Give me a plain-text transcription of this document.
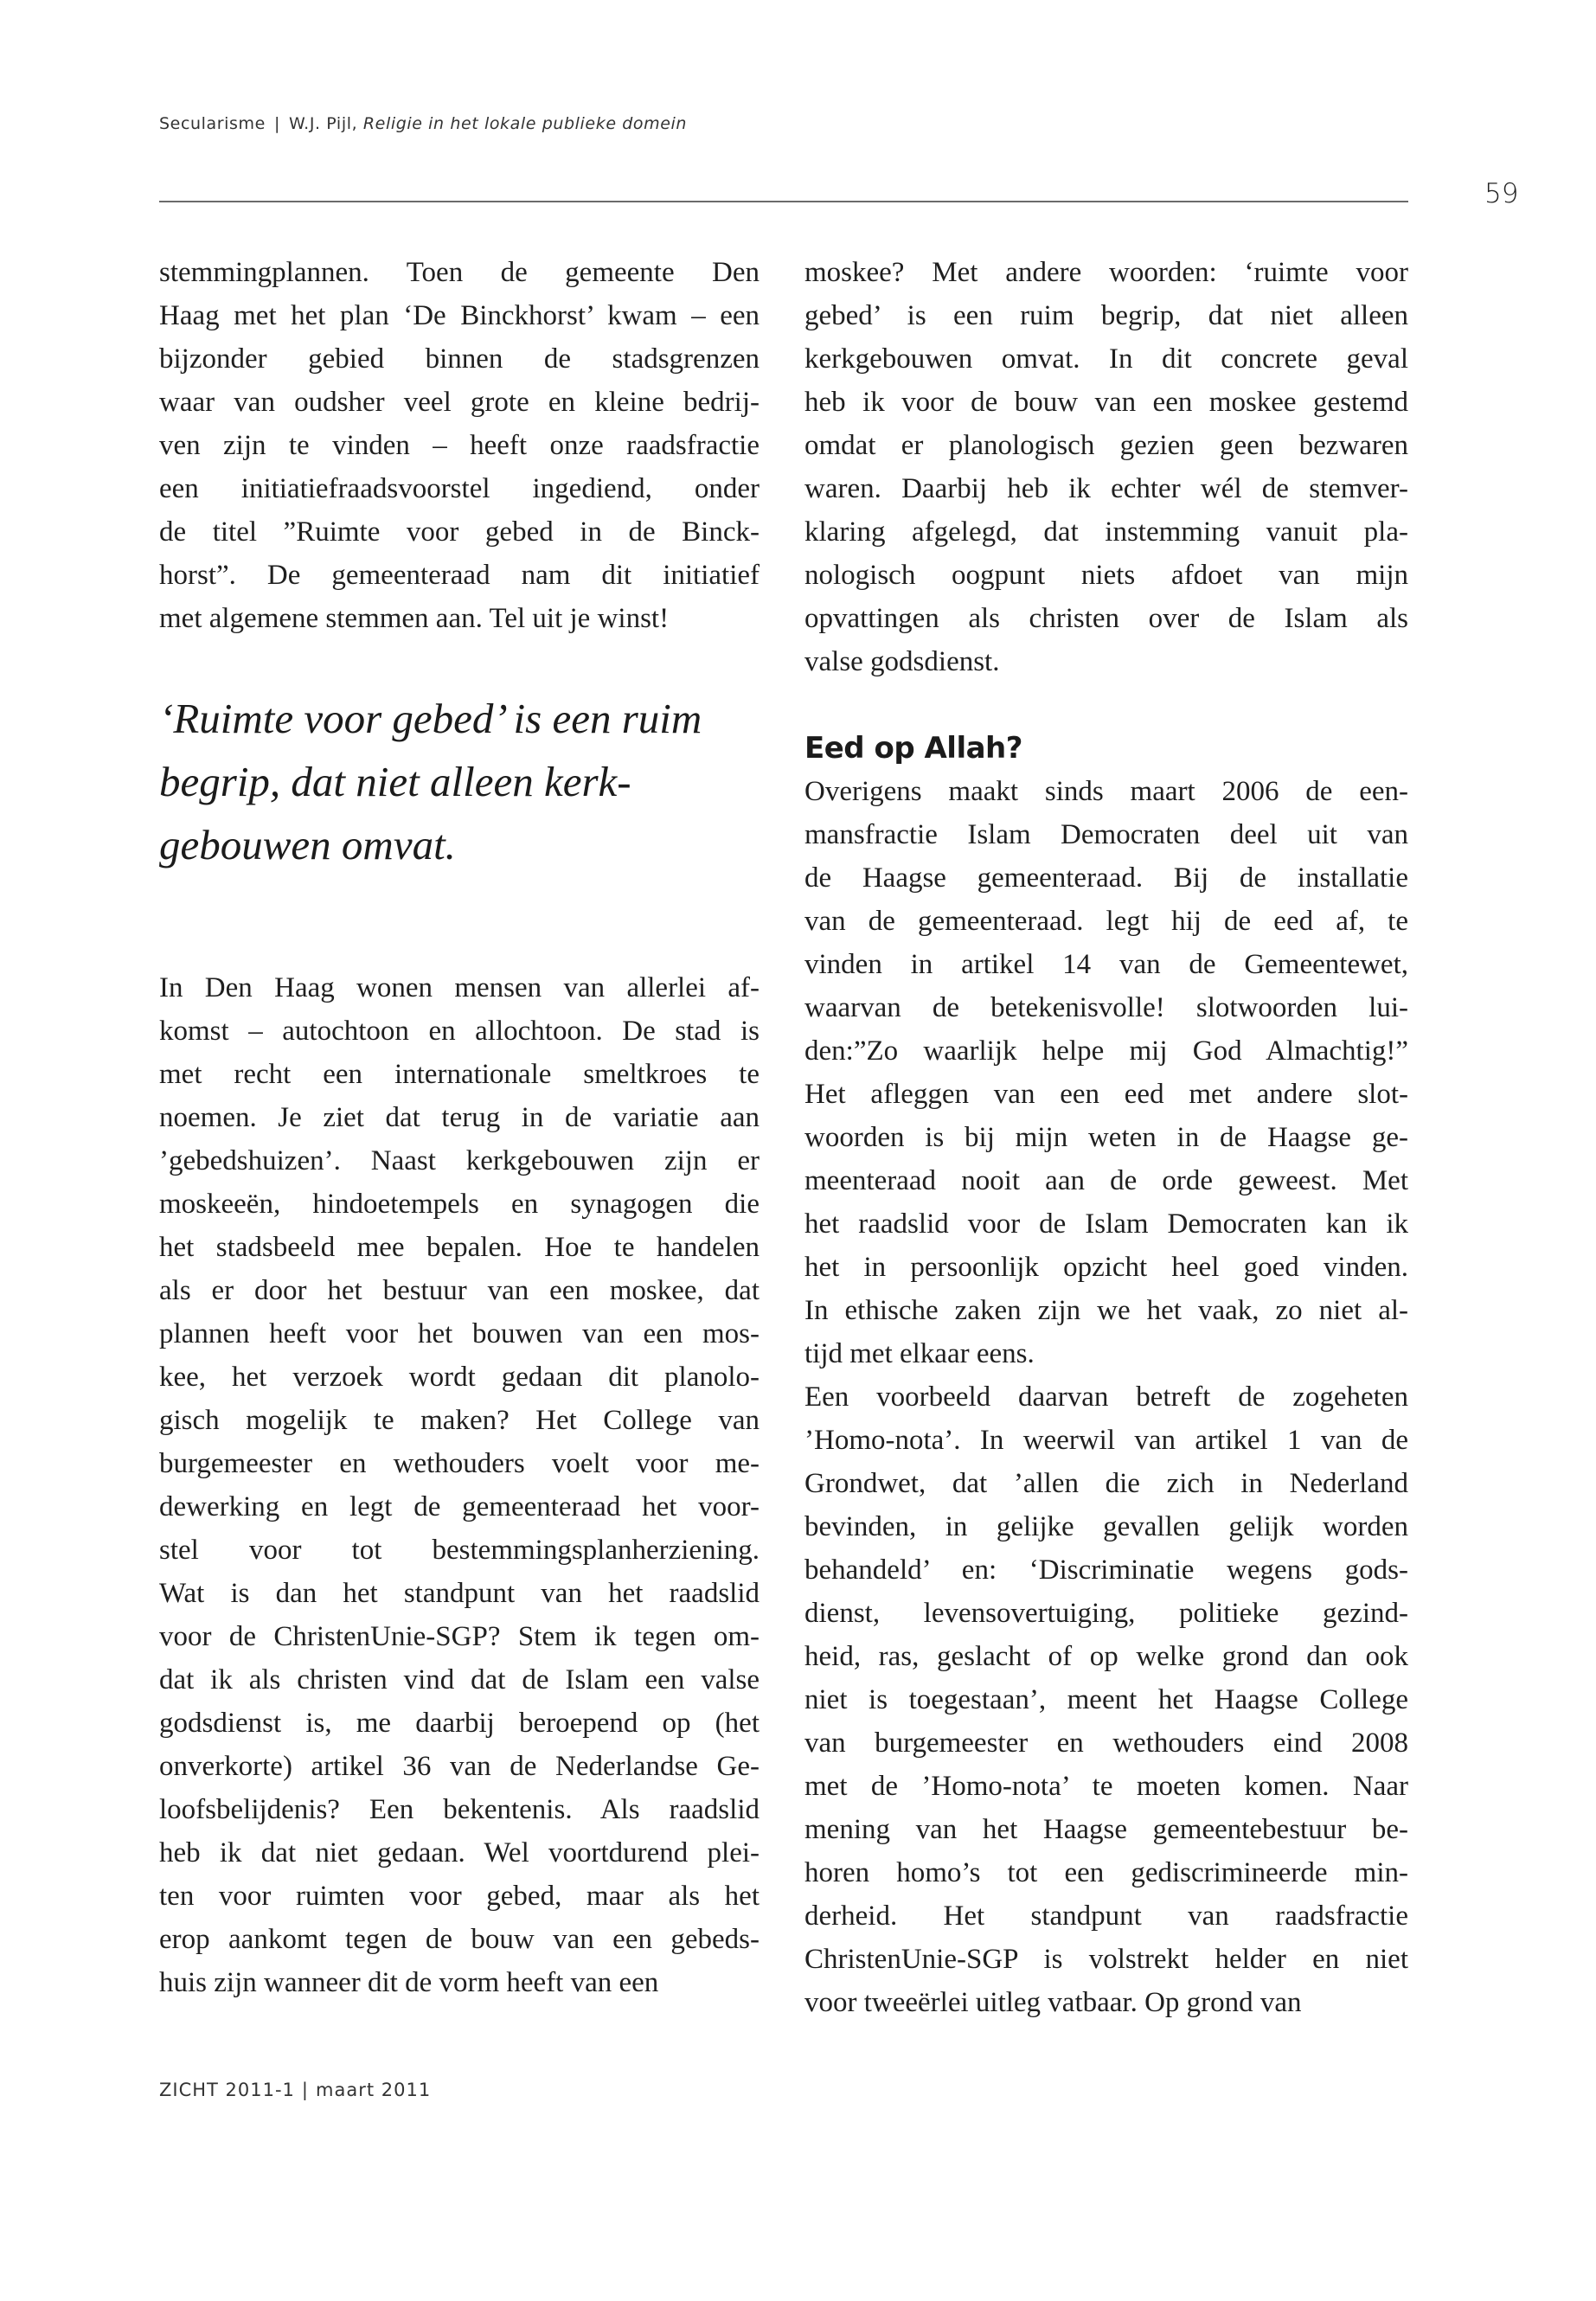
Secularisme | W.J. Pijl, Religie in het lokale publieke domein
59
stemmingplannen. Toen de gemeente Den
Haag met het plan ‘De Binckhorst’ kwam – een
bijzonder gebied binnen de stadsgrenzen
waar van oudsher veel grote en kleine bedrij-
ven zijn te vinden – heeft onze raadsfractie
een initiatiefraadsvoorstel ingediend, onder
de titel ”Ruimte voor gebed in de Binck-
horst”. De gemeenteraad nam dit initiatief
met algemene stemmen aan. Tel uit je winst!
‘Ruimte voor gebed’ is een ruim
begrip, dat niet alleen kerk-
gebouwen omvat.
In Den Haag wonen mensen van allerlei af-
komst – autochtoon en allochtoon. De stad is
met recht een internationale smeltkroes te
noemen. Je ziet dat terug in de variatie aan
’gebedshuizen’. Naast kerkgebouwen zijn er
moskeeën, hindoetempels en synagogen die
het stadsbeeld mee bepalen. Hoe te handelen
als er door het bestuur van een moskee, dat
plannen heeft voor het bouwen van een mos-
kee, het verzoek wordt gedaan dit planolo-
gisch mogelijk te maken? Het College van
burgemeester en wethouders voelt voor me-
dewerking en legt de gemeenteraad het voor-
stel voor tot bestemmingsplanherziening.
Wat is dan het standpunt van het raadslid
voor de ChristenUnie-SGP? Stem ik tegen om-
dat ik als christen vind dat de Islam een valse
godsdienst is, me daarbij beroepend op (het
onverkorte) artikel 36 van de Nederlandse Ge-
loofsbelijdenis? Een bekentenis. Als raadslid
heb ik dat niet gedaan. Wel voortdurend plei-
ten voor ruimten voor gebed, maar als het
erop aankomt tegen de bouw van een gebeds-
huis zijn wanneer dit de vorm heeft van een
moskee? Met andere woorden: ‘ruimte voor
gebed’ is een ruim begrip, dat niet alleen
kerkgebouwen omvat. In dit concrete geval
heb ik voor de bouw van een moskee gestemd
omdat er planologisch gezien geen bezwaren
waren. Daarbij heb ik echter wél de stemver-
klaring afgelegd, dat instemming vanuit pla-
nologisch oogpunt niets afdoet van mijn
opvattingen als christen over de Islam als
valse godsdienst.
Eed op Allah?
Overigens maakt sinds maart 2006 de een-
mansfractie Islam Democraten deel uit van
de Haagse gemeenteraad. Bij de installatie
van de gemeenteraad. legt hij de eed af, te
vinden in artikel 14 van de Gemeentewet,
waarvan de betekenisvolle! slotwoorden lui-
den:”Zo waarlijk helpe mij God Almachtig!”
Het afleggen van een eed met andere slot-
woorden is bij mijn weten in de Haagse ge-
meenteraad nooit aan de orde geweest. Met
het raadslid voor de Islam Democraten kan ik
het in persoonlijk opzicht heel goed vinden.
In ethische zaken zijn we het vaak, zo niet al-
tijd met elkaar eens.
Een voorbeeld daarvan betreft de zogeheten
’Homo-nota’. In weerwil van artikel 1 van de
Grondwet, dat ’allen die zich in Nederland
bevinden, in gelijke gevallen gelijk worden
behandeld’ en: ‘Discriminatie wegens gods-
dienst, levensovertuiging, politieke gezind-
heid, ras, geslacht of op welke grond dan ook
niet is toegestaan’, meent het Haagse College
van burgemeester en wethouders eind 2008
met de ’Homo-nota’ te moeten komen. Naar
mening van het Haagse gemeentebestuur be-
horen homo’s tot een gediscrimineerde min-
derheid. Het standpunt van raadsfractie
ChristenUnie-SGP is volstrekt helder en niet
voor tweeërlei uitleg vatbaar. Op grond van
ZICHT 2011-1 | maart 2011
